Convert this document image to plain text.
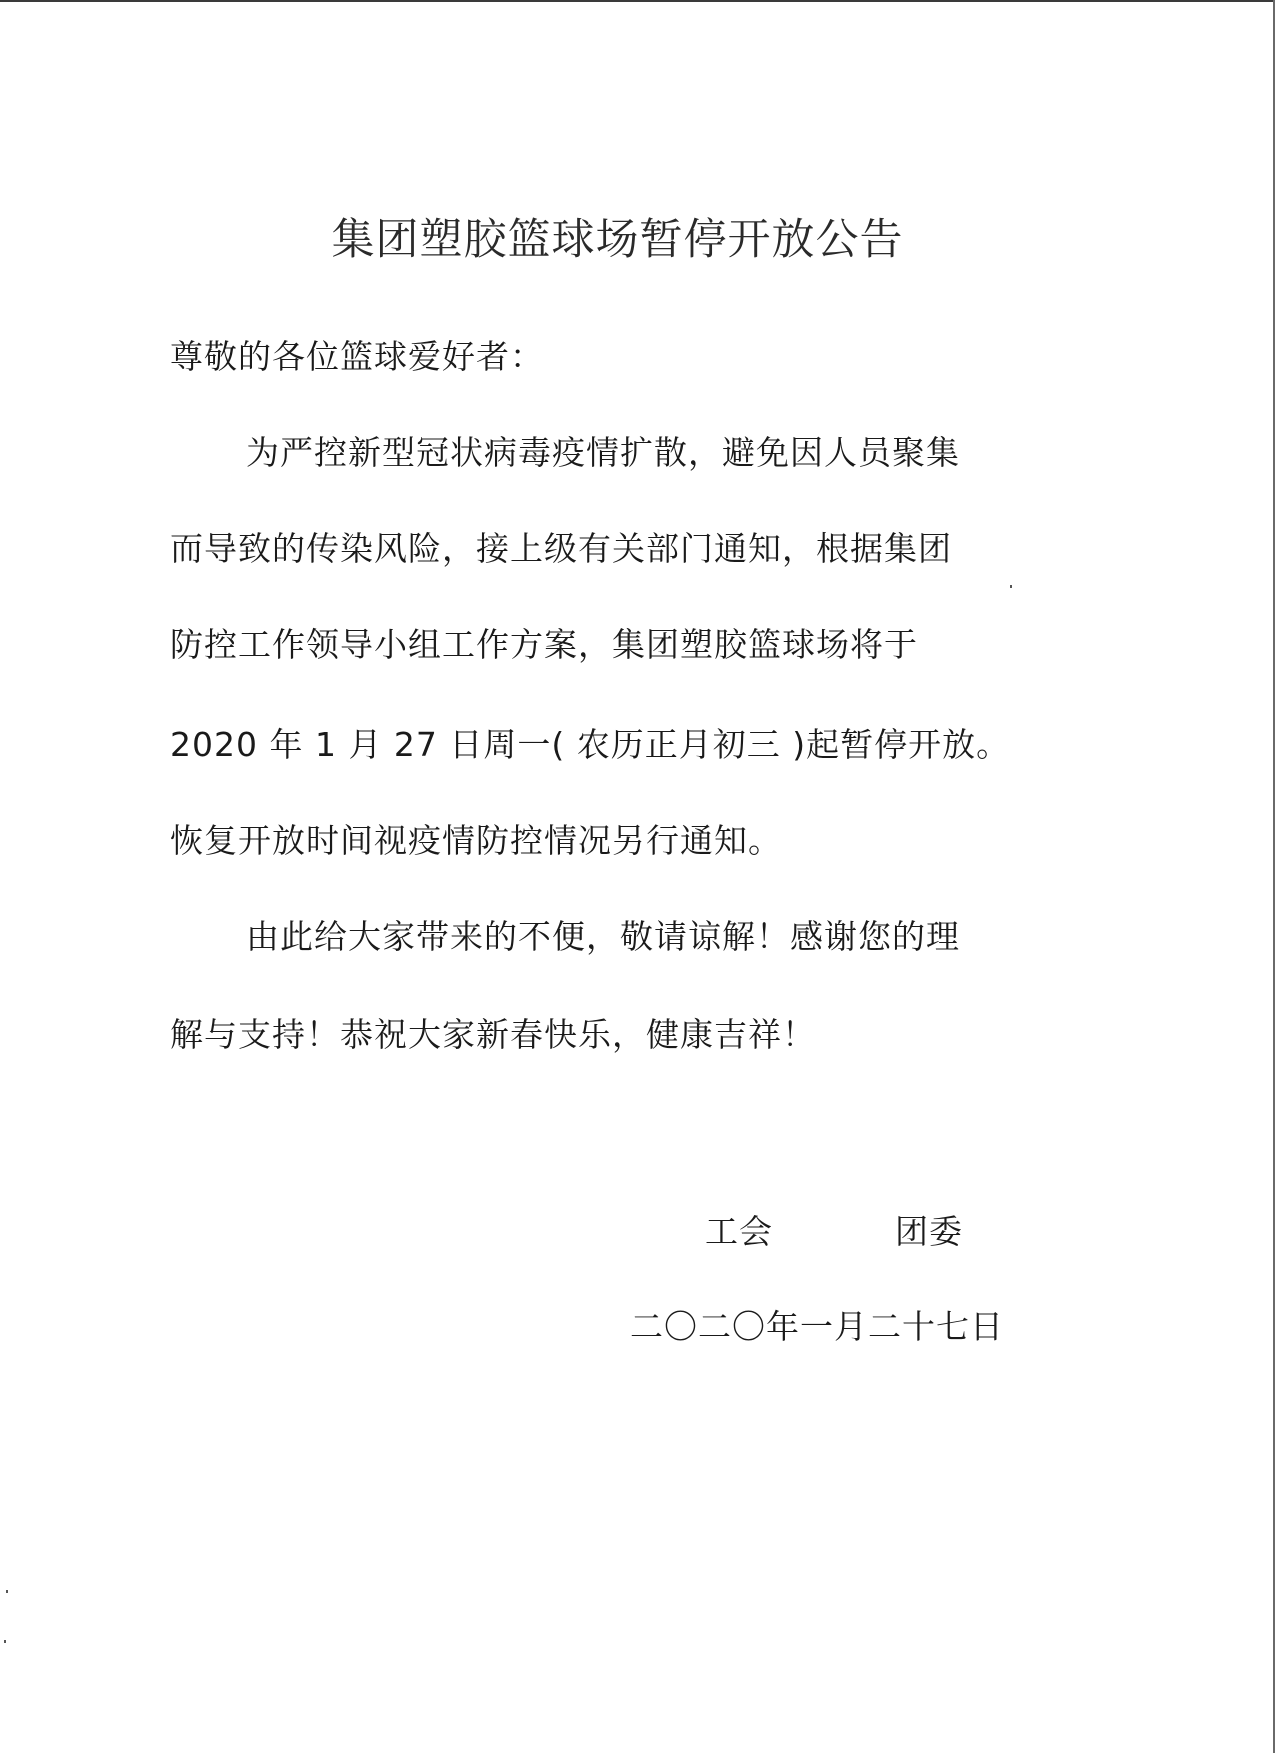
集团塑胶篮球场暂停开放公告
尊敬的各位篮球爱好者：
为严控新型冠状病毒疫情扩散，避免因人员聚集
而导致的传染风险，接上级有关部门通知，根据集团
防控工作领导小组工作方案，集团塑胶篮球场将于
2020 年 1 月 27 日周一( 农历正月初三 )起暂停开放。
恢复开放时间视疫情防控情况另行通知。
由此给大家带来的不便，敬请谅解！感谢您的理
解与支持！恭祝大家新春快乐，健康吉祥！
工会	团委
二〇二〇年一月二十七日
